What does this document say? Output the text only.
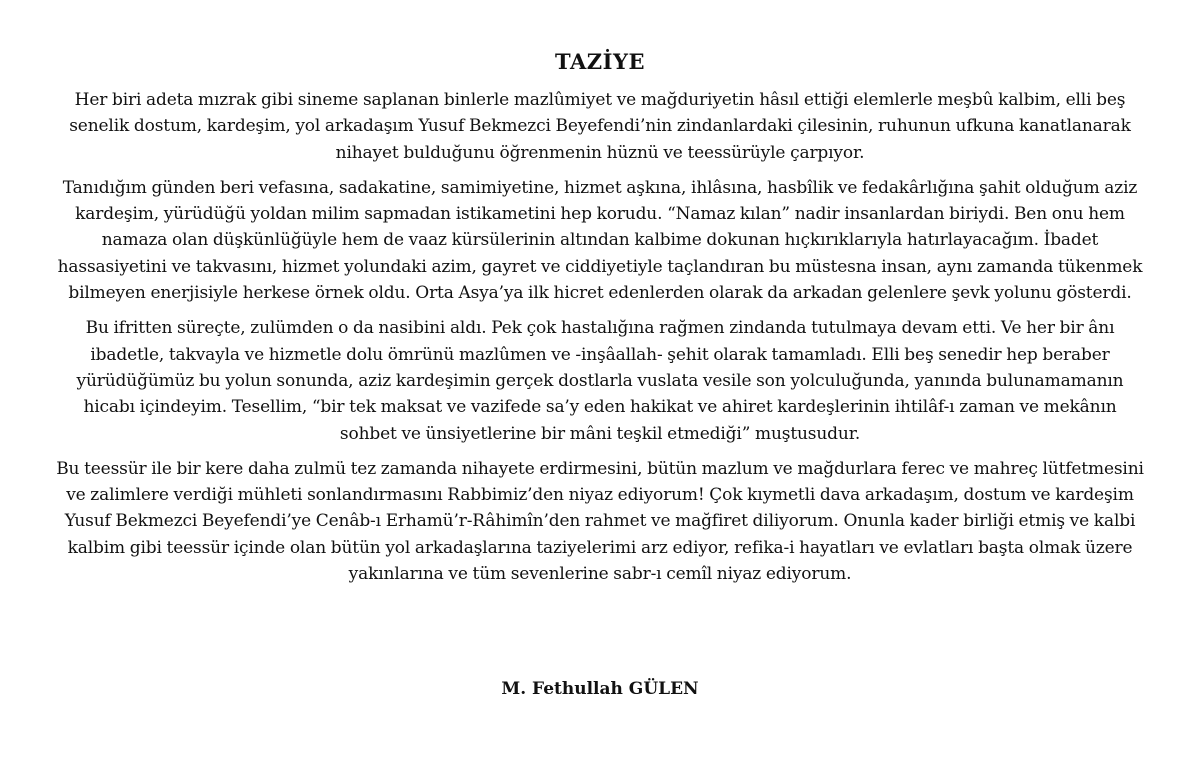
TAZİYE

Her biri adeta mızrak gibi sineme saplanan binlerle mazlûmiyet ve mağduriyetin hâsıl ettiği elemlerle meşbû kalbim, elli beş senelik dostum, kardeşim, yol arkadaşım Yusuf Bekmezci Beyefendi’nin zindanlardaki çilesinin, ruhunun ufkuna kanatlanarak nihayet bulduğunu öğrenmenin hüznü ve teessürüyle çarpıyor.

Tanıdığım günden beri vefasına, sadakatine, samimiyetine, hizmet aşkına, ihlâsına, hasbîlik ve fedakârlığına şahit olduğum aziz kardeşim, yürüdüğü yoldan milim sapmadan istikametini hep korudu. “Namaz kılan” nadir insanlardan biriydi. Ben onu hem namaza olan düşkünlüğüyle hem de vaaz kürsülerinin altından kalbime dokunan hıçkırıklarıyla hatırlayacağım. İbadet hassasiyetini ve takvasını, hizmet yolundaki azim, gayret ve ciddiyetiyle taçlandıran bu müstesna insan, aynı zamanda tükenmek bilmeyen enerjisiyle herkese örnek oldu. Orta Asya’ya ilk hicret edenlerden olarak da arkadan gelenlere şevk yolunu gösterdi.

Bu ifritten süreçte, zulümden o da nasibini aldı. Pek çok hastalığına rağmen zindanda tutulmaya devam etti. Ve her bir ânı ibadetle, takvayla ve hizmetle dolu ömrünü mazlûmen ve -inşâallah- şehit olarak tamamladı. Elli beş senedir hep beraber yürüdüğümüz bu yolun sonunda, aziz kardeşimin gerçek dostlarla vuslata vesile son yolculuğunda, yanında bulunamamanın hicabı içindeyim. Tesellim, “bir tek maksat ve vazifede sa’y eden hakikat ve ahiret kardeşlerinin ihtilâf-ı zaman ve mekânın sohbet ve ünsiyetlerine bir mâni teşkil etmediği” muştusudur.

Bu teessür ile bir kere daha zulmü tez zamanda nihayete erdirmesini, bütün mazlum ve mağdurlara ferec ve mahreç lütfetmesini ve zalimlere verdiği mühleti sonlandırmasını Rabbimiz’den niyaz ediyorum! Çok kıymetli dava arkadaşım, dostum ve kardeşim Yusuf Bekmezci Beyefendi’ye Cenâb-ı Erhamü’r-Râhimîn’den rahmet ve mağfiret diliyorum. Onunla kader birliği etmiş ve kalbi kalbim gibi teessür içinde olan bütün yol arkadaşlarına taziyelerimi arz ediyor, refika-i hayatları ve evlatları başta olmak üzere yakınlarına ve tüm sevenlerine sabr-ı cemîl niyaz ediyorum.

M. Fethullah GÜLEN
